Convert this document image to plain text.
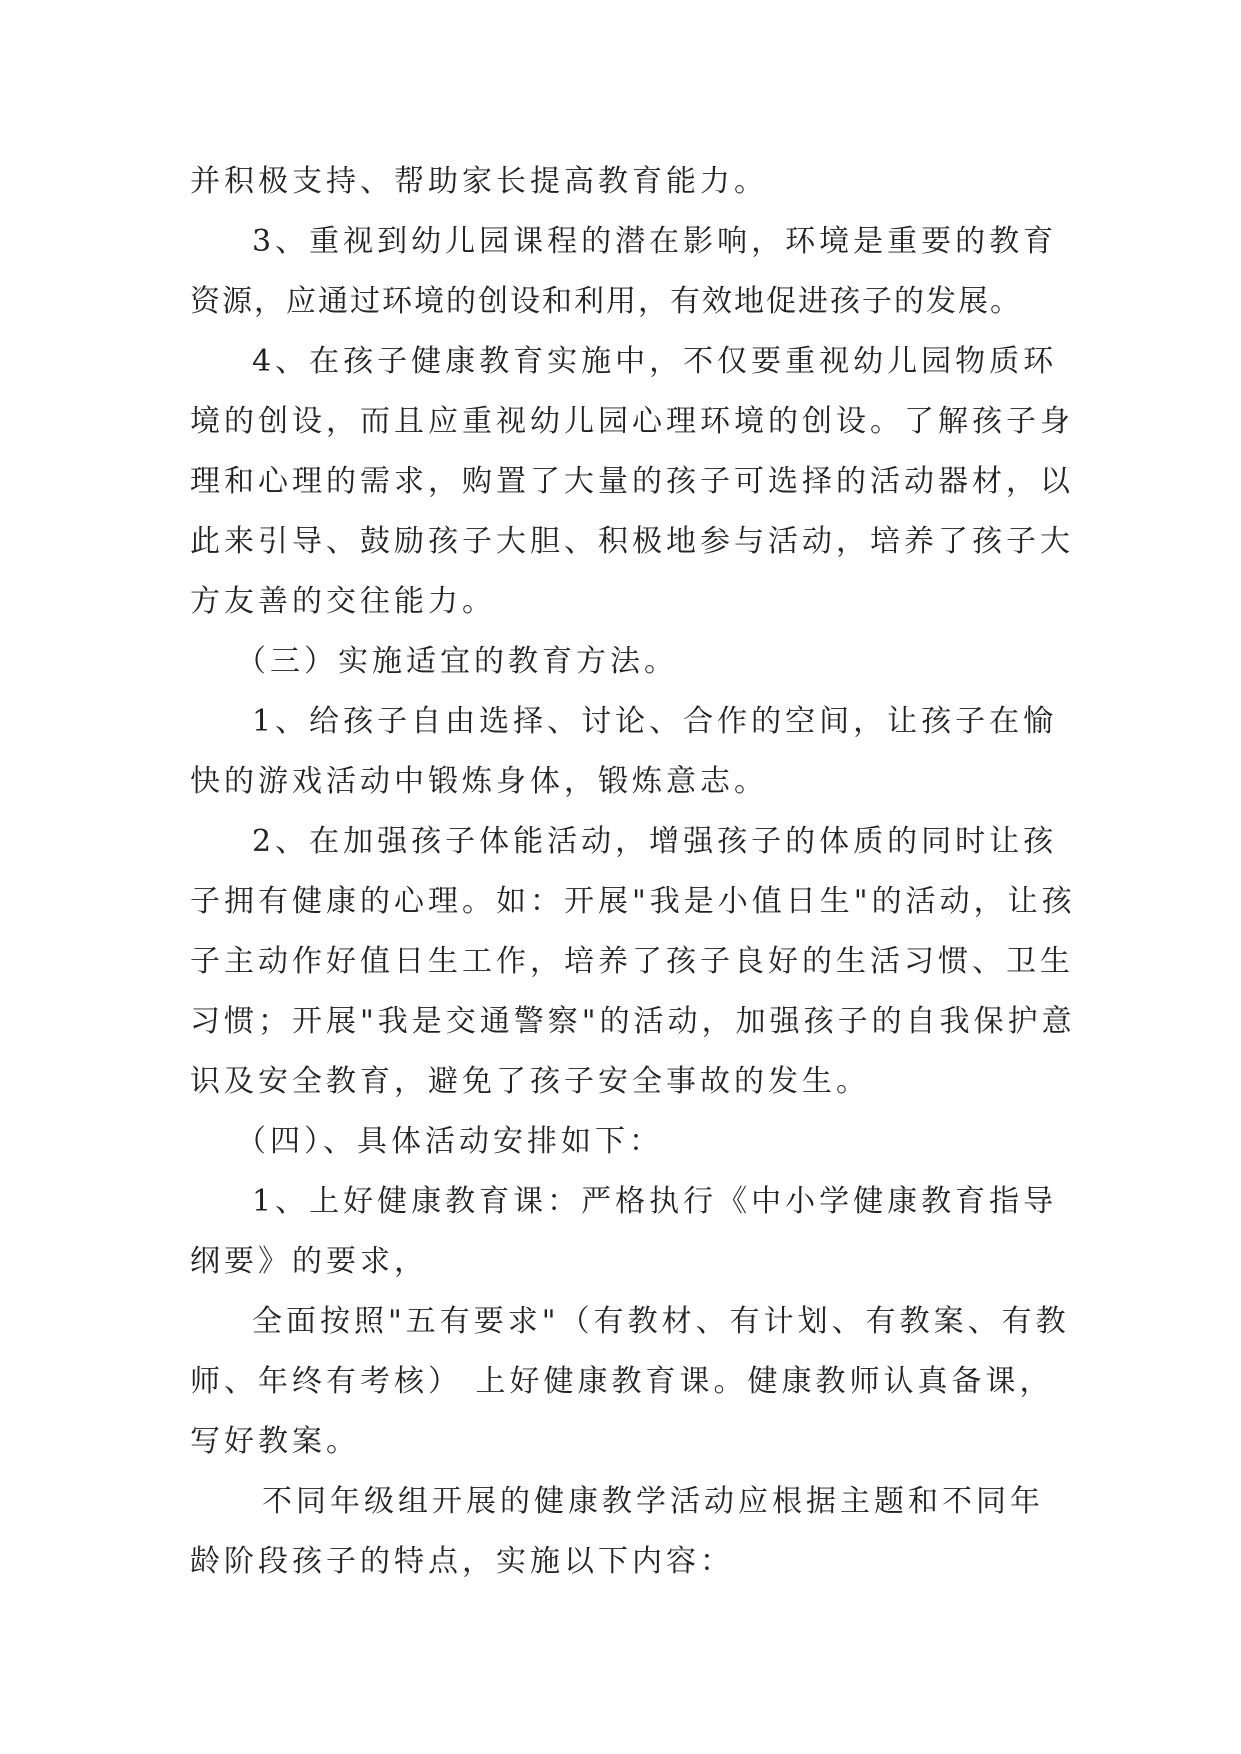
并积极支持、帮助家长提高教育能力。
3、重视到幼儿园课程的潜在影响，环境是重要的教育
资源，应通过环境的创设和利用，有效地促进孩子的发展。
4、在孩子健康教育实施中，不仅要重视幼儿园物质环
境的创设，而且应重视幼儿园心理环境的创设。了解孩子身
理和心理的需求，购置了大量的孩子可选择的活动器材，以
此来引导、鼓励孩子大胆、积极地参与活动，培养了孩子大
方友善的交往能力。
（三）实施适宜的教育方法。
1、给孩子自由选择、讨论、合作的空间，让孩子在愉
快的游戏活动中锻炼身体，锻炼意志。
2、在加强孩子体能活动，增强孩子的体质的同时让孩
子拥有健康的心理。如：开展"我是小值日生"的活动，让孩
子主动作好值日生工作，培养了孩子良好的生活习惯、卫生
习惯；开展"我是交通警察"的活动，加强孩子的自我保护意
识及安全教育，避免了孩子安全事故的发生。
（四）、具体活动安排如下：
1、上好健康教育课：严格执行《中小学健康教育指导
纲要》的要求，
全面按照"五有要求"（有教材、有计划、有教案、有教
师、年终有考核） 上好健康教育课。健康教师认真备课，
写好教案。
不同年级组开展的健康教学活动应根据主题和不同年
龄阶段孩子的特点，实施以下内容：
